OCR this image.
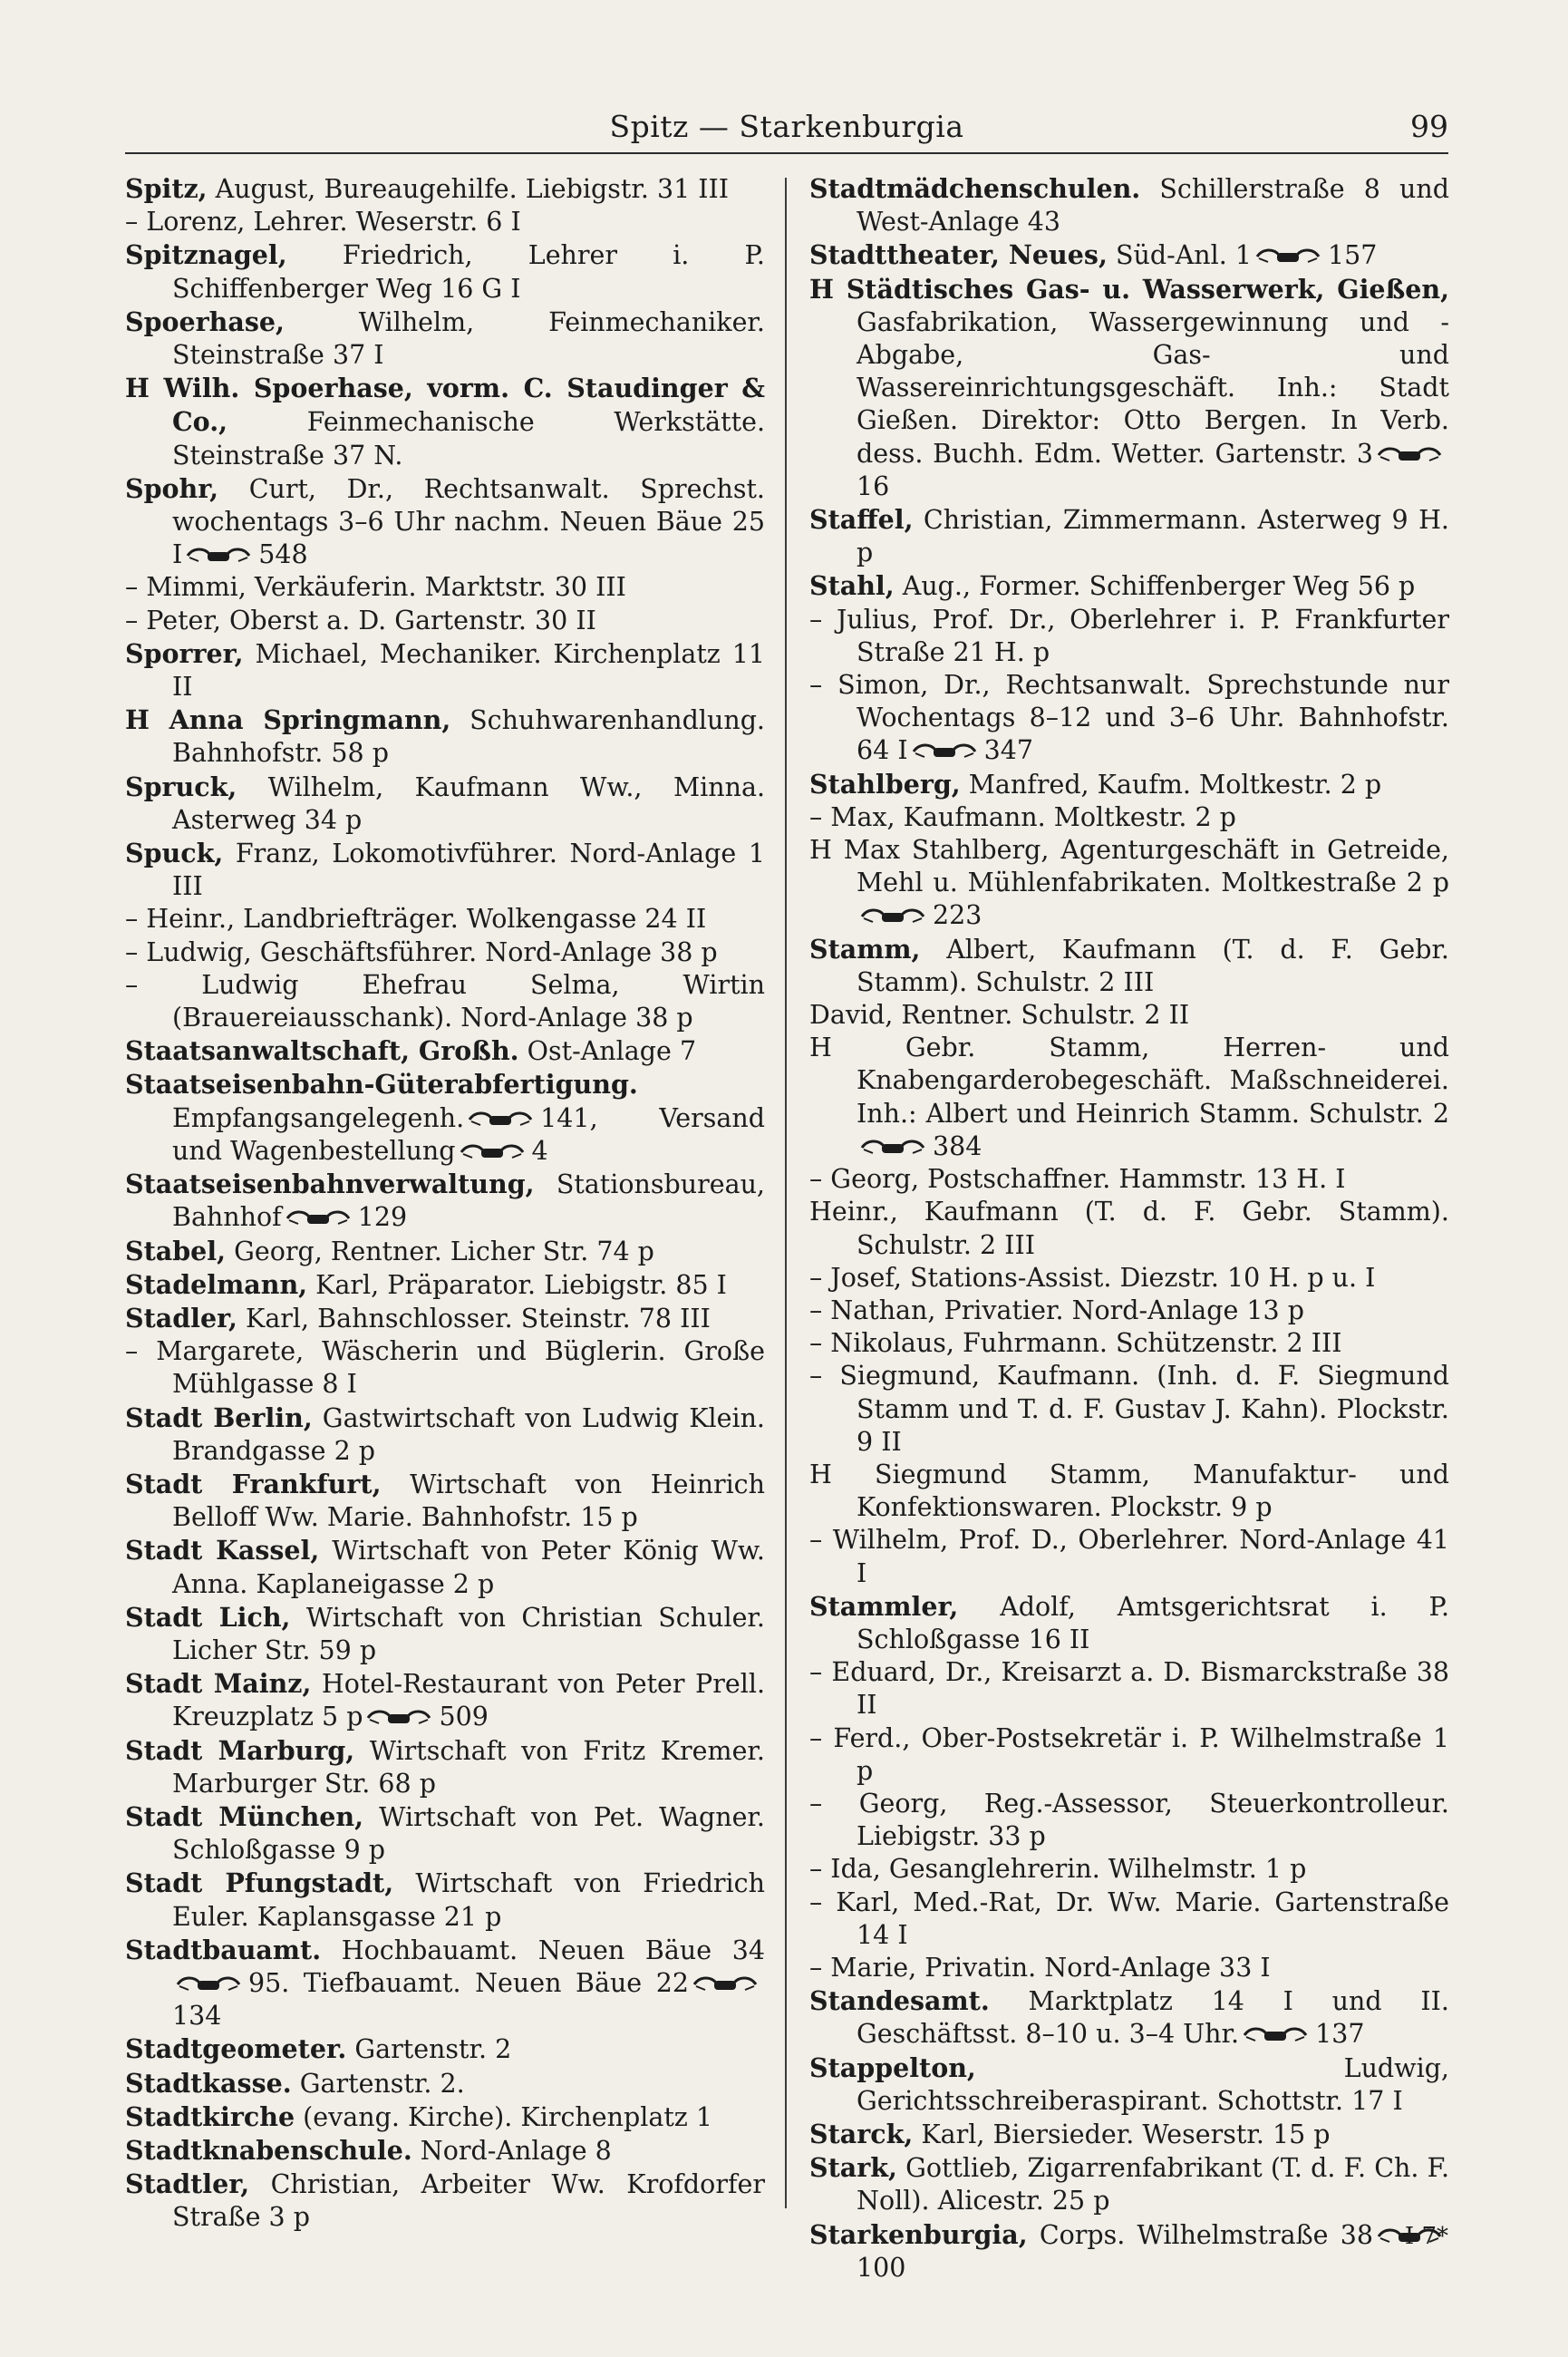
Spitz — Starkenburgia	99
Spitz, August, Bureaugehilfe. Liebigstr. 31 III
– Lorenz, Lehrer. Weserstr. 6 I
Spitznagel, Friedrich, Lehrer i. P. Schiffenberger Weg 16 G I
Spoerhase, Wilhelm, Feinmechaniker. Steinstraße 37 I
H Wilh. Spoerhase, vorm. C. Staudinger & Co., Feinmechanische Werkstätte. Steinstraße 37 N.
Spohr, Curt, Dr., Rechtsanwalt. Sprechst. wochentags 3–6 Uhr nachm. Neuen Bäue 25 I	548
– Mimmi, Verkäuferin. Marktstr. 30 III
– Peter, Oberst a. D. Gartenstr. 30 II
Sporrer, Michael, Mechaniker. Kirchenplatz 11 II
H Anna Springmann, Schuhwarenhandlung. Bahnhofstr. 58 p
Spruck, Wilhelm, Kaufmann Ww., Minna. Asterweg 34 p
Spuck, Franz, Lokomotivführer. Nord-Anlage 1 III
– Heinr., Landbriefträger. Wolkengasse 24 II
– Ludwig, Geschäftsführer. Nord-Anlage 38 p
– Ludwig Ehefrau Selma, Wirtin (Brauereiausschank). Nord-Anlage 38 p
Staatsanwaltschaft, Großh. Ost-Anlage 7
Staatseisenbahn-Güterabfertigung. Empfangsangelegenh.	141, Versand und Wagenbestellung	4
Staatseisenbahnverwaltung, Stationsbureau, Bahnhof	129
Stabel, Georg, Rentner. Licher Str. 74 p
Stadelmann, Karl, Präparator. Liebigstr. 85 I
Stadler, Karl, Bahnschlosser. Steinstr. 78 III
– Margarete, Wäscherin und Büglerin. Große Mühlgasse 8 I
Stadt Berlin, Gastwirtschaft von Ludwig Klein. Brandgasse 2 p
Stadt Frankfurt, Wirtschaft von Heinrich Belloff Ww. Marie. Bahnhofstr. 15 p
Stadt Kassel, Wirtschaft von Peter König Ww. Anna. Kaplaneigasse 2 p
Stadt Lich, Wirtschaft von Christian Schuler. Licher Str. 59 p
Stadt Mainz, Hotel-Restaurant von Peter Prell. Kreuzplatz 5 p	509
Stadt Marburg, Wirtschaft von Fritz Kremer. Marburger Str. 68 p
Stadt München, Wirtschaft von Pet. Wagner. Schloßgasse 9 p
Stadt Pfungstadt, Wirtschaft von Friedrich Euler. Kaplansgasse 21 p
Stadtbauamt. Hochbauamt. Neuen Bäue 34
95. Tiefbauamt. Neuen Bäue 22
134
Stadtgeometer. Gartenstr. 2
Stadtkasse. Gartenstr. 2.
Stadtkirche (evang. Kirche). Kirchenplatz 1
Stadtknabenschule. Nord-Anlage 8
Stadtler, Christian, Arbeiter Ww. Krofdorfer Straße 3 p
Stadtmädchenschulen. Schillerstraße 8 und West-Anlage 43
Stadttheater, Neues, Süd-Anl. 1	157
H Städtisches Gas- u. Wasserwerk, Gießen, Gasfabrikation, Wassergewinnung und -Abgabe, Gas- und Wassereinrichtungsgeschäft. Inh.: Stadt Gießen. Direktor: Otto Bergen. In Verb. dess. Buchh. Edm. Wetter. Gartenstr. 3
16
Staffel, Christian, Zimmermann. Asterweg 9 H. p
Stahl, Aug., Former. Schiffenberger Weg 56 p
– Julius, Prof. Dr., Oberlehrer i. P. Frankfurter Straße 21 H. p
– Simon, Dr., Rechtsanwalt. Sprechstunde nur Wochentags 8–12 und 3–6 Uhr. Bahnhofstr. 64 I	347
Stahlberg, Manfred, Kaufm. Moltkestr. 2 p
– Max, Kaufmann. Moltkestr. 2 p
H Max Stahlberg, Agenturgeschäft in Getreide, Mehl u. Mühlenfabrikaten. Moltkestraße 2 p
223
Stamm, Albert, Kaufmann (T. d. F. Gebr. Stamm). Schulstr. 2 III
David, Rentner. Schulstr. 2 II
H Gebr. Stamm, Herren- und Knabengarderobegeschäft. Maßschneiderei. Inh.: Albert und Heinrich Stamm. Schulstr. 2
384
– Georg, Postschaffner. Hammstr. 13 H. I
Heinr., Kaufmann (T. d. F. Gebr. Stamm). Schulstr. 2 III
– Josef, Stations-Assist. Diezstr. 10 H. p u. I
– Nathan, Privatier. Nord-Anlage 13 p
– Nikolaus, Fuhrmann. Schützenstr. 2 III
– Siegmund, Kaufmann. (Inh. d. F. Siegmund Stamm und T. d. F. Gustav J. Kahn). Plockstr. 9 II
H Siegmund Stamm, Manufaktur- und Konfektionswaren. Plockstr. 9 p
– Wilhelm, Prof. D., Oberlehrer. Nord-Anlage 41 I
Stammler, Adolf, Amtsgerichtsrat i. P. Schloßgasse 16 II
– Eduard, Dr., Kreisarzt a. D. Bismarckstraße 38 II
– Ferd., Ober-Postsekretär i. P. Wilhelmstraße 1 p
– Georg, Reg.-Assessor, Steuerkontrolleur. Liebigstr. 33 p
– Ida, Gesanglehrerin. Wilhelmstr. 1 p
– Karl, Med.-Rat, Dr. Ww. Marie. Gartenstraße 14 I
– Marie, Privatin. Nord-Anlage 33 I
Standesamt. Marktplatz 14 I und II. Geschäftsst. 8–10 u. 3–4 Uhr.	137
Stappelton, Ludwig, Gerichtsschreiberaspirant. Schottstr. 17 I
Starck, Karl, Biersieder. Weserstr. 15 p
Stark, Gottlieb, Zigarrenfabrikant (T. d. F. Ch. F. Noll). Alicestr. 25 p
Starkenburgia, Corps. Wilhelmstraße 38
100
I 7*
